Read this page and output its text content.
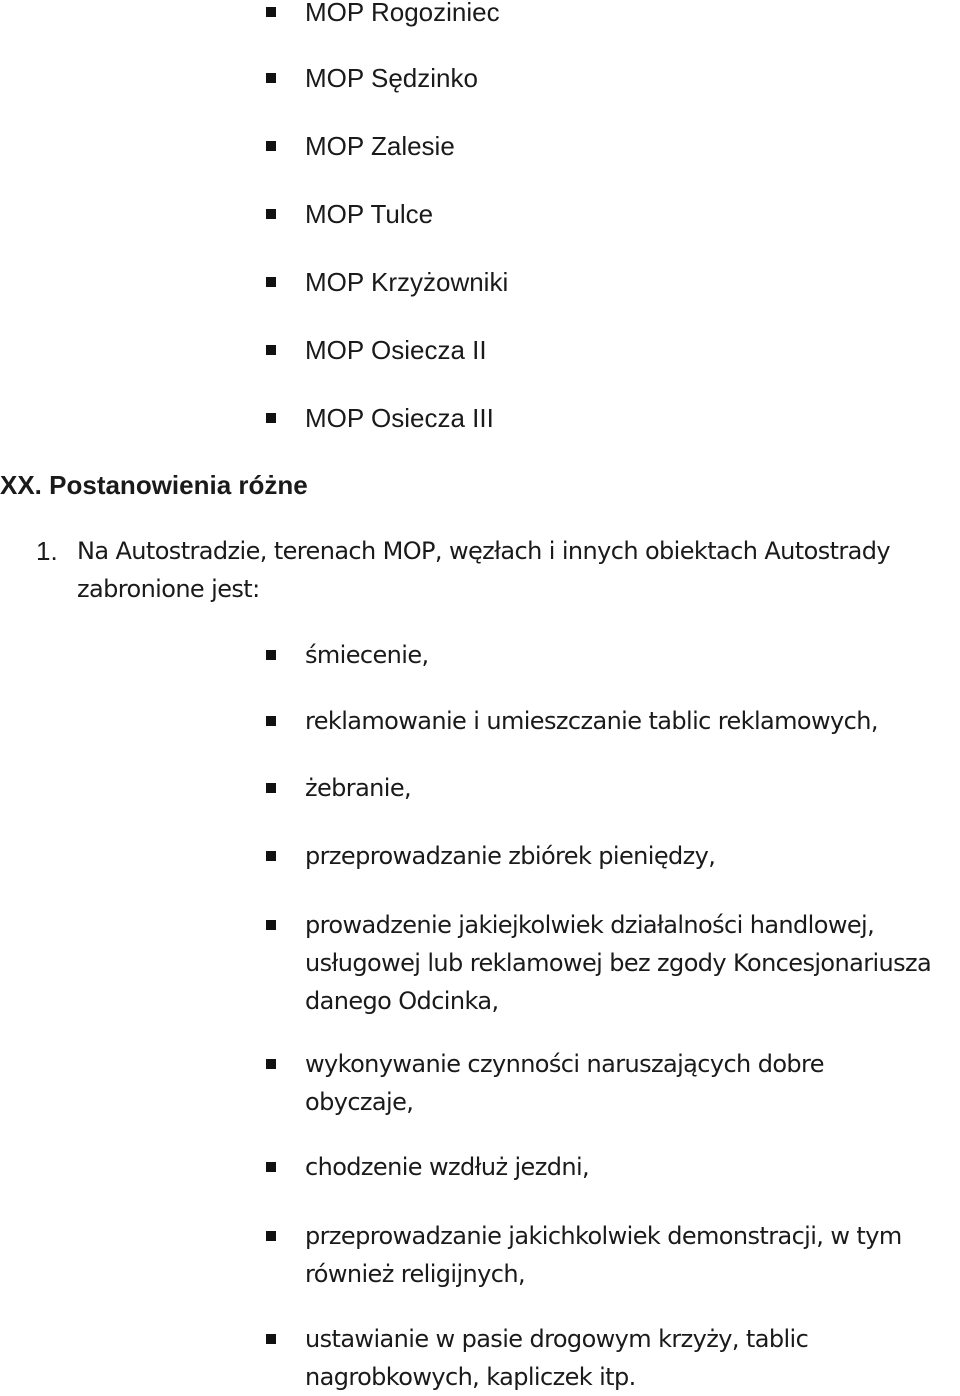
MOP Rogoziniec
MOP Sędzinko
MOP Zalesie
MOP Tulce
MOP Krzyżowniki
MOP Osiecza II
MOP Osiecza III
XX. Postanowienia różne
1. Na Autostradzie, terenach MOP, węzłach i innych obiektach Autostrady
zabronione jest:
śmiecenie,
reklamowanie i umieszczanie tablic reklamowych,
żebranie,
przeprowadzanie zbiórek pieniędzy,
prowadzenie jakiejkolwiek działalności handlowej,
usługowej lub reklamowej bez zgody Koncesjonariusza
danego Odcinka,
wykonywanie czynności naruszających dobre
obyczaje,
chodzenie wzdłuż jezdni,
przeprowadzanie jakichkolwiek demonstracji, w tym
również religijnych,
ustawianie w pasie drogowym krzyży, tablic
nagrobkowych, kapliczek itp.
